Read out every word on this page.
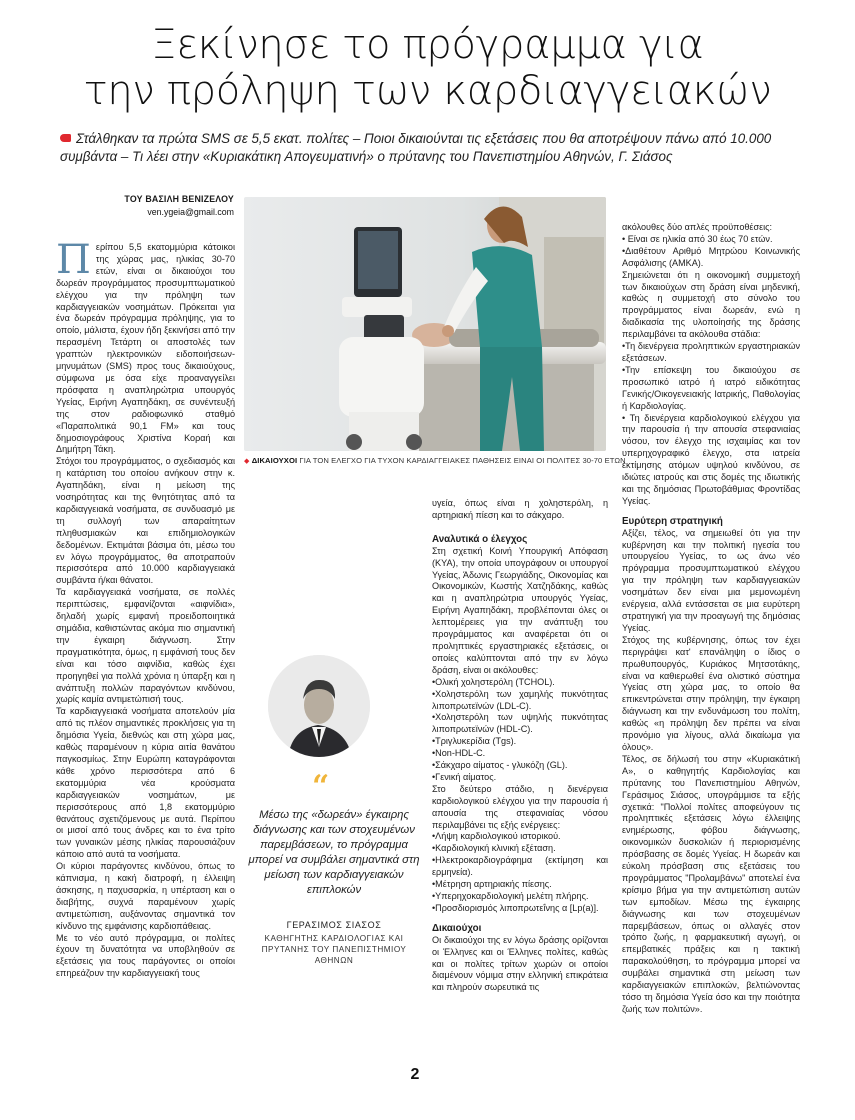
Ξεκίνησε το πρόγραμμα για
την πρόληψη των καρδιαγγειακών
Στάλθηκαν τα πρώτα SMS σε 5,5 εκατ. πολίτες – Ποιοι δικαιούνται τις εξετάσεις που θα αποτρέψουν πάνω από 10.000 συμβάντα – Τι λέει στην «Κυριακάτικη Απογευματινή» ο πρύτανης του Πανεπιστημίου Αθηνών, Γ. Σιάσος
ΤΟΥ ΒΑΣΙΛΗ ΒΕΝΙΖΕΛΟΥ
ven.ygeia@gmail.com

Περίπου 5,5 εκατομμύρια κάτοικοι της χώρας μας, ηλικίας 30-70 ετών, είναι οι δικαιούχοι του δωρεάν προγράμματος προσυμπτωματικού ελέγχου για την πρόληψη των καρδιαγγειακών νοσημάτων. Πρόκειται για ένα δωρεάν πρόγραμμα πρόληψης, για το οποίο, μάλιστα, έχουν ήδη ξεκινήσει από την περασμένη Τετάρτη οι αποστολές των γραπτών ηλεκτρονικών ειδοποιήσεων-μηνυμάτων (SMS) προς τους δικαιούχους, σύμφωνα με όσα είχε προαναγγείλει πρόσφατα η αναπληρώτρια υπουργός Υγείας, Ειρήνη Αγαπηδάκη, σε συνέντευξή της στον ραδιοφωνικό σταθμό «Παραπολιτικά 90,1 FM» και τους δημοσιογράφους Χριστίνα Κοραή και Δημήτρη Τάκη.

Στόχοι του προγράμματος, ο σχεδιασμός και η κατάρτιση του οποίου ανήκουν στην κ. Αγαπηδάκη, είναι η μείωση της νοσηρότητας και της θνητότητας από τα καρδιαγγειακά νοσήματα, σε συνδυασμό με τη συλλογή των απαραίτητων πληθυσμιακών και επιδημιολογικών δεδομένων. Εκτιμάται βάσιμα ότι, μέσω του εν λόγω προγράμματος, θα αποτραπούν περισσότερα από 10.000 καρδιαγγειακά συμβάντα ή/και θάνατοι.

Τα καρδιαγγειακά νοσήματα, σε πολλές περιπτώσεις, εμφανίζονται «αιφνίδια», δηλαδή χωρίς εμφανή προειδοποιητικά σημάδια, καθιστώντας ακόμα πιο σημαντική την έγκαιρη διάγνωση. Στην πραγματικότητα, όμως, η εμφάνισή τους δεν είναι και τόσο αιφνίδια, καθώς έχει προηγηθεί για πολλά χρόνια η ύπαρξη και η ανάπτυξη πολλών παραγόντων κινδύνου, χωρίς καμία αντιμετώπισή τους.

Τα καρδιαγγειακά νοσήματα αποτελούν μία από τις πλέον σημαντικές προκλήσεις για τη δημόσια Υγεία, διεθνώς και στη χώρα μας, καθώς παραμένουν η κύρια αιτία θανάτου παγκοσμίως. Στην Ευρώπη καταγράφονται κάθε χρόνο περισσότερα από 6 εκατομμύρια νέα κρούσματα καρδιαγγειακών νοσημάτων, με περισσότερους από 1,8 εκατομμύριο θανάτους σχετιζόμενους με αυτά. Περίπου οι μισοί από τους άνδρες και το ένα τρίτο των γυναικών μέσης ηλικίας παρουσιάζουν κάποιο από αυτά τα νοσήματα.

Οι κύριοι παράγοντες κινδύνου, όπως το κάπνισμα, η κακή διατροφή, η έλλειψη άσκησης, η παχυσαρκία, η υπέρταση και ο διαβήτης, συχνά παραμένουν χωρίς αντιμετώπιση, αυξάνοντας σημαντικά τον κίνδυνο της εμφάνισης καρδιοπάθειας.

Με το νέο αυτό πρόγραμμα, οι πολίτες έχουν τη δυνατότητα να υποβληθούν σε εξετάσεις για τους παράγοντες οι οποίοι επηρεάζουν την καρδιαγγειακή τους

◆ ΔΙΚΑΙΟΥΧΟΙ ΓΙΑ ΤΟΝ ΕΛΕΓΧΟ ΓΙΑ ΤΥΧΟΝ ΚΑΡΔΙΑΓΓΕΙΑΚΕΣ ΠΑΘΗΣΕΙΣ ΕΙΝΑΙ ΟΙ ΠΟΛΙΤΕΣ 30-70 ΕΤΩΝ
“
Μέσω της «δωρεάν» έγκαιρης διάγνωσης και των στοχευμένων παρεμβάσεων, το πρόγραμμα μπορεί να συμβάλει σημαντικά στη μείωση των καρδιαγγειακών επιπλοκών
ΓΕΡΑΣΙΜΟΣ ΣΙΑΣΟΣ
ΚΑΘΗΓΗΤΗΣ ΚΑΡΔΙΟΛΟΓΙΑΣ ΚΑΙ ΠΡΥΤΑΝΗΣ ΤΟΥ ΠΑΝΕΠΙΣΤΗΜΙΟΥ ΑΘΗΝΩΝ

υγεία, όπως είναι η χοληστερόλη, η αρτηριακή πίεση και το σάκχαρο.

Αναλυτικά ο έλεγχος

Στη σχετική Κοινή Υπουργική Απόφαση (ΚΥΑ), την οποία υπογράφουν οι υπουργοί Υγείας, Άδωνις Γεωργιάδης, Οικονομίας και Οικονομικών, Κωστής Χατζηδάκης, καθώς και η αναπληρώτρια υπουργός Υγείας, Ειρήνη Αγαπηδάκη, προβλέπονται όλες οι λεπτομέρειες για την ανάπτυξη του προγράμματος και αναφέρεται ότι οι προληπτικές εργαστηριακές εξετάσεις, οι οποίες καλύπτονται από την εν λόγω δράση, είναι οι ακόλουθες:

•Ολική χοληστερόλη (TCHOL).

•Χοληστερόλη των χαμηλής πυκνότητας λιποπρωτεϊνών (LDL-C).

•Χοληστερόλη των υψηλής πυκνότητας λιποπρωτεϊνών (HDL-C).

•Τριγλυκερίδια (Tgs).

•Non-HDL-C.

•Σάκχαρο αίματος - γλυκόζη (GL).

•Γενική αίματος.

Στο δεύτερο στάδιο, η διενέργεια καρδιολογικού ελέγχου για την παρουσία ή απουσία της στεφανιαίας νόσου περιλαμβάνει τις εξής ενέργειες:

•Λήψη καρδιολογικού ιστορικού.

•Καρδιολογική κλινική εξέταση.

•Ηλεκτροκαρδιογράφημα (εκτίμηση και ερμηνεία).

•Μέτρηση αρτηριακής πίεσης.

•Υπερηχοκαρδιολογική μελέτη πλήρης.

•Προσδιορισμός λιποπρωτεΐνης α [Lp(a)].

Δικαιούχοι

Οι δικαιούχοι της εν λόγω δράσης ορίζονται οι Έλληνες και οι Έλληνες πολίτες, καθώς και οι πολίτες τρίτων χωρών οι οποίοι διαμένουν νόμιμα στην ελληνική επικράτεια και πληρούν σωρευτικά τις

ακόλουθες δύο απλές προϋποθέσεις:

• Είναι σε ηλικία από 30 έως 70 ετών.

•Διαθέτουν Αριθμό Μητρώου Κοινωνικής Ασφάλισης (ΑΜΚΑ).

Σημειώνεται ότι η οικονομική συμμετοχή των δικαιούχων στη δράση είναι μηδενική, καθώς η συμμετοχή στο σύνολο του προγράμματος είναι δωρεάν, ενώ η διαδικασία της υλοποίησής της δράσης περιλαμβάνει τα ακόλουθα στάδια:

•Τη διενέργεια προληπτικών εργαστηριακών εξετάσεων.

•Την επίσκεψη του δικαιούχου σε προσωπικό ιατρό ή ιατρό ειδικότητας Γενικής/Οικογενειακής Ιατρικής, Παθολογίας ή Καρδιολογίας.

• Τη διενέργεια καρδιολογικού ελέγχου για την παρουσία ή την απουσία στεφανιαίας νόσου, τον έλεγχο της ισχαιμίας και τον υπερηχογραφικό έλεγχο, στα ιατρεία εκτίμησης ατόμων υψηλού κινδύνου, σε ιδιώτες ιατρούς και στις δομές της ιδιωτικής και της δημόσιας Πρωτοβάθμιας Φροντίδας Υγείας.

Ευρύτερη στρατηγική

Αξίζει, τέλος, να σημειωθεί ότι για την κυβέρνηση και την πολιτική ηγεσία του υπουργείου Υγείας, το ως άνω νέο πρόγραμμα προσυμπτωματικού ελέγχου για την πρόληψη των καρδιαγγειακών νοσημάτων δεν είναι μια μεμονωμένη ενέργεια, αλλά εντάσσεται σε μια ευρύτερη στρατηγική για την προαγωγή της δημόσιας Υγείας.

Στόχος της κυβέρνησης, όπως τον έχει περιγράψει κατ' επανάληψη ο ίδιος ο πρωθυπουργός, Κυριάκος Μητσοτάκης, είναι να καθιερωθεί ένα ολιστικό σύστημα Υγείας στη χώρα μας, το οποίο θα επικεντρώνεται στην πρόληψη, την έγκαιρη διάγνωση και την ενδυνάμωση του πολίτη, καθώς «η πρόληψη δεν πρέπει να είναι προνόμιο για λίγους, αλλά δικαίωμα για όλους».

Τέλος, σε δήλωσή του στην «Κυριακάτική Α», ο καθηγητής Καρδιολογίας και πρύτανης του Πανεπιστημίου Αθηνών, Γεράσιμος Σιάσος, υπογράμμισε τα εξής σχετικά: "Πολλοί πολίτες αποφεύγουν τις προληπτικές εξετάσεις λόγω έλλειψης ενημέρωσης, φόβου διάγνωσης, οικονομικών δυσκολιών ή περιορισμένης πρόσβασης σε δομές Υγείας. Η δωρεάν και εύκολη πρόσβαση στις εξετάσεις του προγράμματος "Προλαμβάνω" αποτελεί ένα κρίσιμο βήμα για την αντιμετώπιση αυτών των εμποδίων. Μέσω της έγκαιρης διάγνωσης και των στοχευμένων παρεμβάσεων, όπως οι αλλαγές στον τρόπο ζωής, η φαρμακευτική αγωγή, οι επεμβατικές πράξεις και η τακτική παρακολούθηση, το πρόγραμμα μπορεί να συμβάλει σημαντικά στη μείωση των καρδιαγγειακών επιπλοκών, βελτιώνοντας τόσο τη δημόσια Υγεία όσο και την ποιότητα ζωής των πολιτών».

2
